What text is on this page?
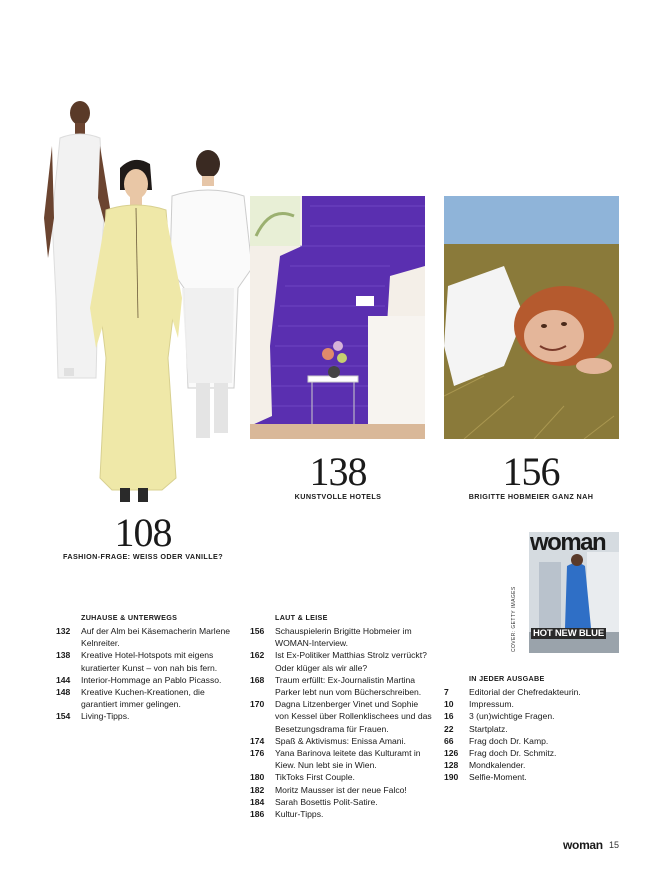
138
KUNSTVOLLE HOTELS
156
BRIGITTE HOBMEIER GANZ NAH
108
FASHION-FRAGE: WEISS ODER VANILLE?
COVER: GETTY IMAGES
woman
HOT NEW BLUE
ZUHAUSE & UNTERWEGS
132	Auf der Alm bei Käsemacherin Marlene Kelnreiter.
138	Kreative Hotel-Hotspots mit eigens kuratierter Kunst – von nah bis fern.
144	Interior-Hommage an Pablo Picasso.
148	Kreative Kuchen-Kreationen, die garantiert immer gelingen.
154	Living-Tipps.
LAUT & LEISE
156	Schauspielerin Brigitte Hobmeier im WOMAN-Interview.
162	Ist Ex-Politiker Matthias Strolz verrückt? Oder klüger als wir alle?
168	Traum erfüllt: Ex-Journalistin Martina Parker lebt nun vom Bücherschreiben.
170	Dagna Litzenberger Vinet und Sophie von Kessel über Rollenklischees und das Besetzungsdrama für Frauen.
174	Spaß & Aktivismus: Enissa Amani.
176	Yana Barinova leitete das Kulturamt in Kiew. Nun lebt sie in Wien.
180	TikToks First Couple.
182	Moritz Mausser ist der neue Falco!
184	Sarah Bosettis Polit-Satire.
186	Kultur-Tipps.
IN JEDER AUSGABE
7	Editorial der Chefredakteurin.
10	Impressum.
16	3 (un)wichtige Fragen.
22	Startplatz.
66	Frag doch Dr. Kamp.
126	Frag doch Dr. Schmitz.
128	Mondkalender.
190	Selfie-Moment.
woman 15
